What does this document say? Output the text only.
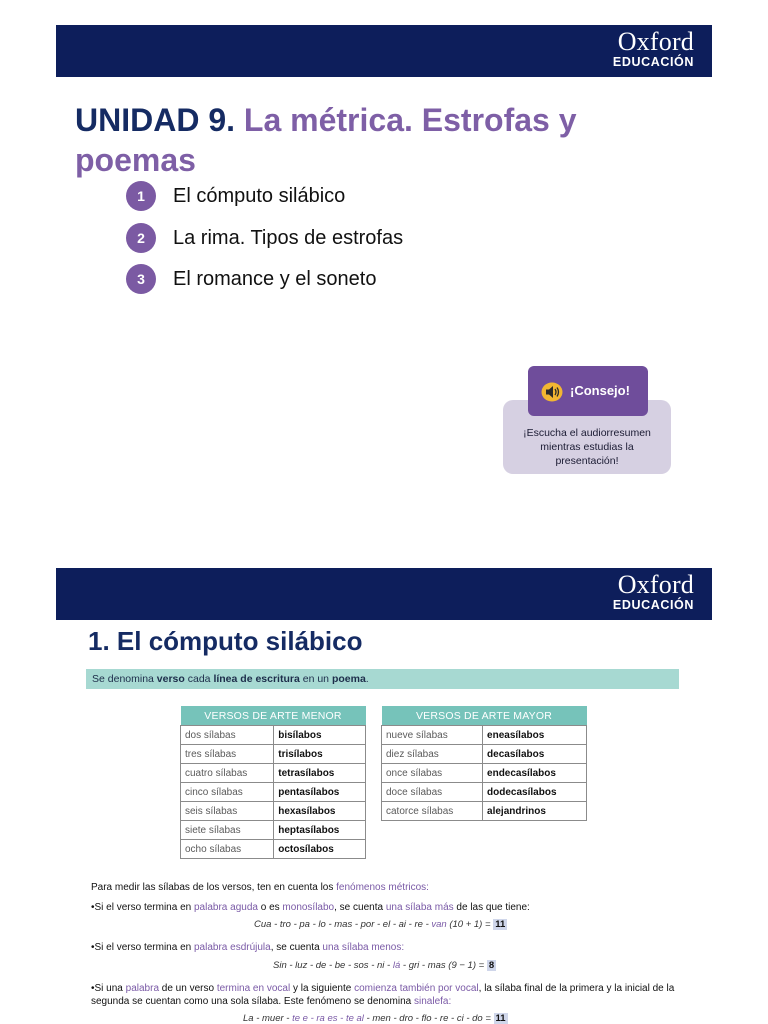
Oxford
EDUCACIÓN
UNIDAD 9. La métrica. Estrofas y poemas
1	El cómputo silábico
2	La rima. Tipos de estrofas
3	El romance y el soneto
¡Escucha el audiorresumen mientras estudias la presentación!
¡Consejo!
Oxford
EDUCACIÓN
1. El cómputo silábico
Se denomina verso cada línea de escritura en un poema.
VERSOS DE ARTE MENOR	
dos sílabas	bisílabos
tres sílabas	trisílabos
cuatro sílabas	tetrasílabos
cinco sílabas	pentasílabos
seis sílabas	hexasílabos
siete sílabas	heptasílabos
ocho sílabas	octosílabos
VERSOS DE ARTE MAYOR	
nueve sílabas	eneasílabos
diez sílabas	decasílabos
once sílabas	endecasílabos
doce sílabas	dodecasílabos
catorce sílabas	alejandrinos
Para medir las sílabas de los versos, ten en cuenta los fenómenos métricos:
•Si el verso termina en palabra aguda o es monosílabo, se cuenta una sílaba más de las que tiene:
Cua - tro - pa - lo - mas - por - el - ai - re - van (10 + 1) = 11
•Si el verso termina en palabra esdrújula, se cuenta una sílaba menos:
Sin - luz - de - be - sos - ni - lá - gri - mas (9 − 1) = 8
•Si una palabra de un verso termina en vocal y la siguiente comienza también por vocal, la sílaba final de la primera y la inicial de la segunda se cuentan como una sola sílaba. Este fenómeno se denomina sinalefa:
La - muer - te e - ra es - te al - men - dro - flo - re - ci - do = 11
